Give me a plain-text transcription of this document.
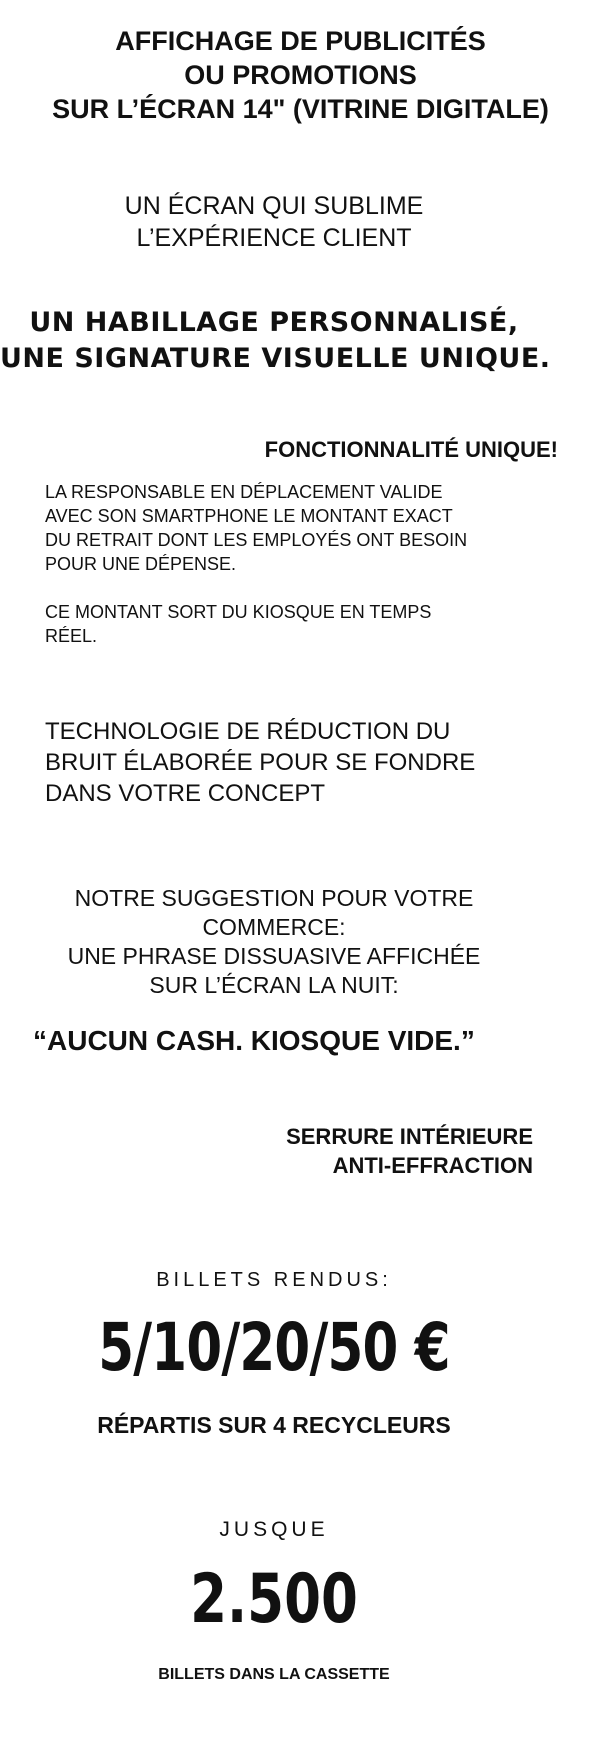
AFFICHAGE DE PUBLICITÉS
OU PROMOTIONS
SUR L’ÉCRAN 14" (VITRINE DIGITALE)
UN ÉCRAN QUI SUBLIME
L’EXPÉRIENCE CLIENT
UN HABILLAGE PERSONNALISÉ,
UNE SIGNATURE VISUELLE UNIQUE.
FONCTIONNALITÉ UNIQUE!
LA RESPONSABLE EN DÉPLACEMENT VALIDE
AVEC SON SMARTPHONE LE MONTANT EXACT
DU RETRAIT DONT LES EMPLOYÉS ONT BESOIN
POUR UNE DÉPENSE.
CE MONTANT SORT DU KIOSQUE EN TEMPS
RÉEL.
TECHNOLOGIE DE RÉDUCTION DU
BRUIT ÉLABORÉE POUR SE FONDRE
DANS VOTRE CONCEPT
NOTRE SUGGESTION POUR VOTRE
COMMERCE:
UNE PHRASE DISSUASIVE AFFICHÉE
SUR L’ÉCRAN LA NUIT:
“AUCUN CASH. KIOSQUE VIDE.”
SERRURE INTÉRIEURE
ANTI-EFFRACTION
BILLETS RENDUS:
5/10/20/50 €
RÉPARTIS SUR 4 RECYCLEURS
JUSQUE
2.500
BILLETS DANS LA CASSETTE
